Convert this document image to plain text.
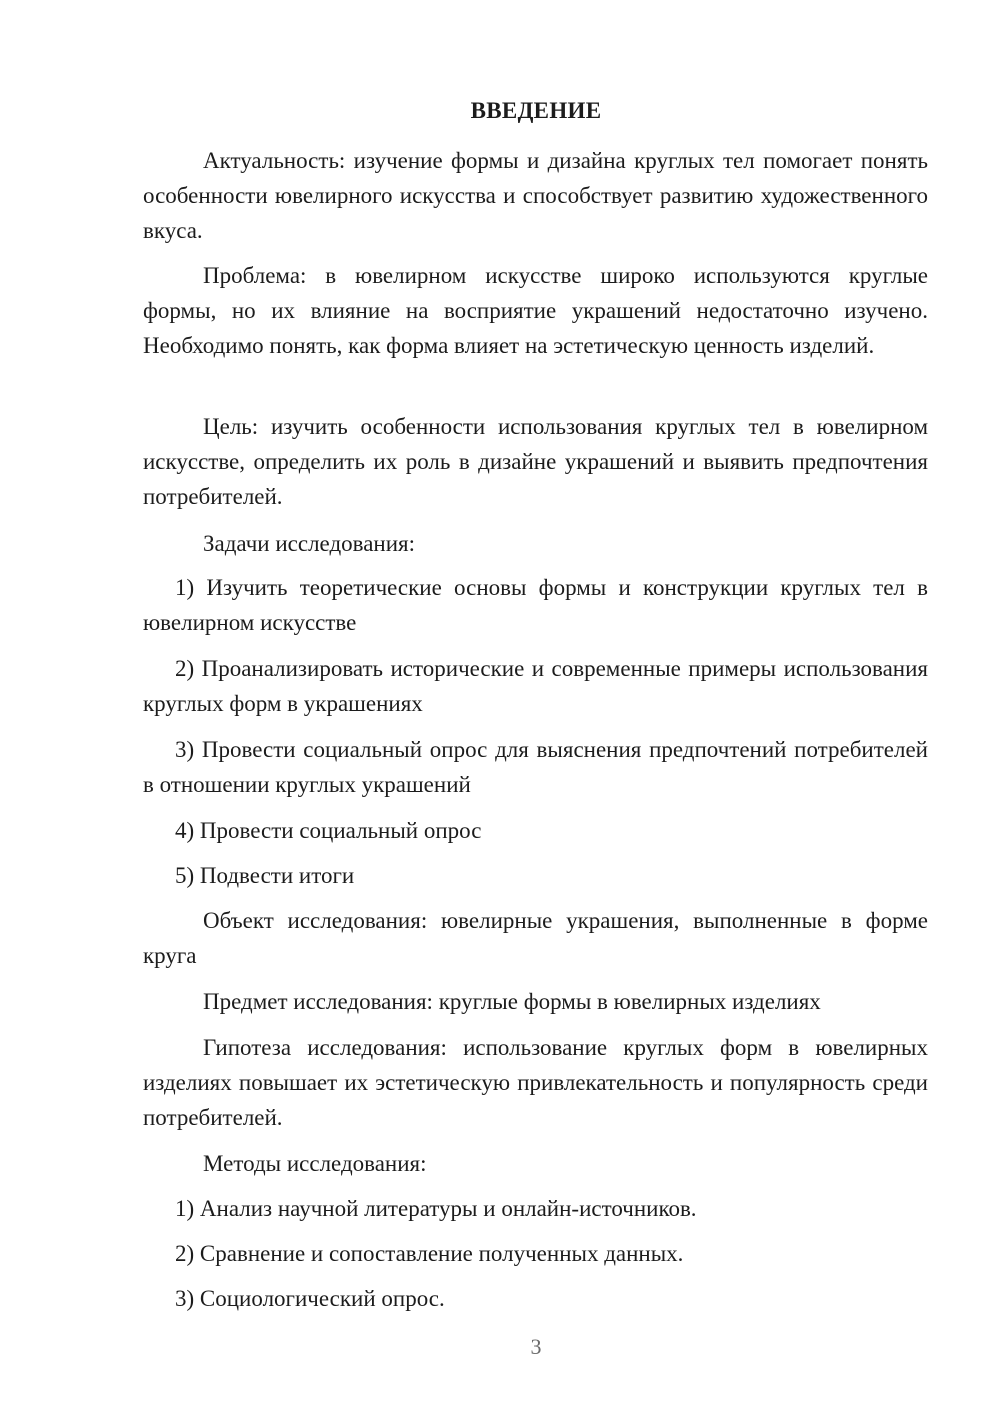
ВВЕДЕНИЕ

Актуальность: изучение формы и дизайна круглых тел помогает понять особенности ювелирного искусства и способствует развитию художественного вкуса.

Проблема: в ювелирном искусстве широко используются круглые формы, но их влияние на восприятие украшений недостаточно изучено. Необходимо понять, как форма влияет на эстетическую ценность изделий.

Цель: изучить особенности использования круглых тел в ювелирном искусстве, определить их роль в дизайне украшений и выявить предпочтения потребителей.

Задачи исследования:

1) Изучить теоретические основы формы и конструкции круглых тел в ювелирном искусстве

2) Проанализировать исторические и современные примеры использования круглых форм в украшениях

3) Провести социальный опрос для выяснения предпочтений потребителей в отношении круглых украшений

4) Провести социальный опрос

5) Подвести итоги

Объект исследования: ювелирные украшения, выполненные в форме круга

Предмет исследования: круглые формы в ювелирных изделиях

Гипотеза исследования: использование круглых форм в ювелирных изделиях повышает их эстетическую привлекательность и популярность среди потребителей.

Методы исследования:

1) Анализ научной литературы и онлайн-источников.

2) Сравнение и сопоставление полученных данных.

3) Социологический опрос.

3
